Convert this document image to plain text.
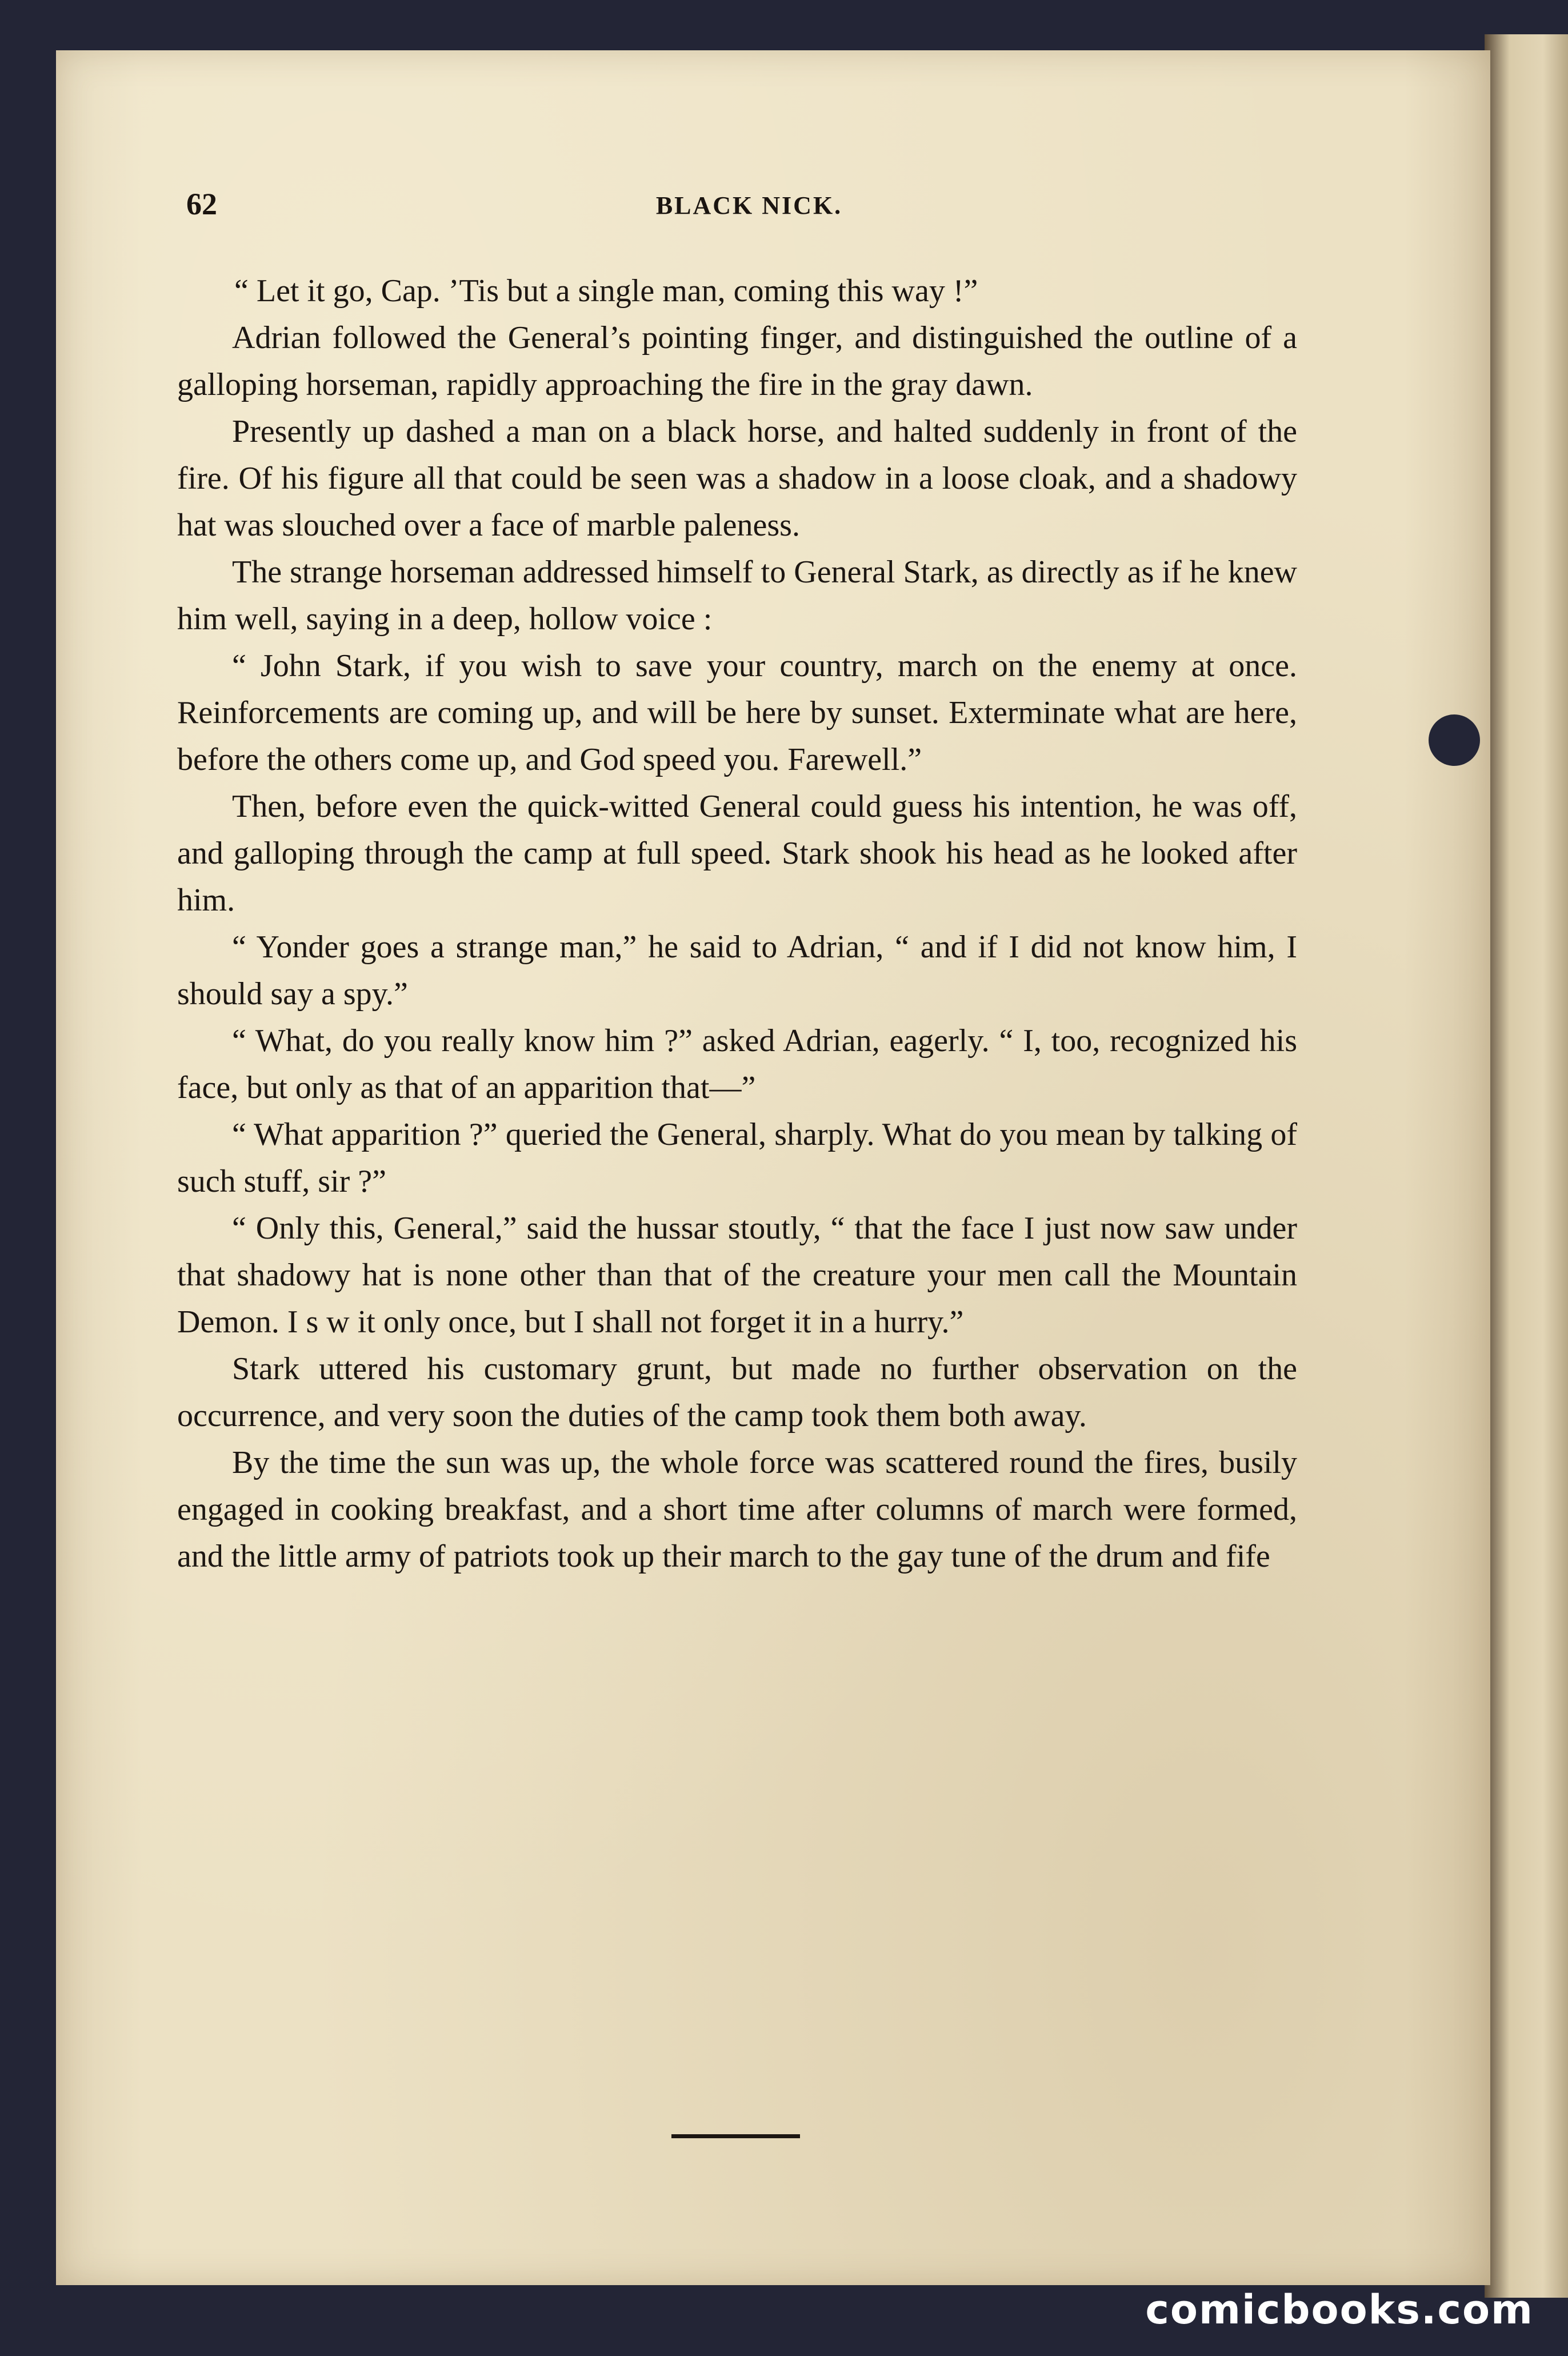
62	BLACK NICK.

“ Let it go, Cap. ’Tis but a single man, coming this way !”

Adrian followed the General’s pointing finger, and distinguished the outline of a galloping horseman, rapidly approaching the fire in the gray dawn.

Presently up dashed a man on a black horse, and halted suddenly in front of the fire. Of his figure all that could be seen was a shadow in a loose cloak, and a shadowy hat was slouched over a face of marble paleness.

The strange horseman addressed himself to General Stark, as directly as if he knew him well, saying in a deep, hollow voice :

“ John Stark, if you wish to save your country, march on the enemy at once. Reinforcements are coming up, and will be here by sunset. Exterminate what are here, before the others come up, and God speed you. Farewell.”

Then, before even the quick-witted General could guess his intention, he was off, and galloping through the camp at full speed. Stark shook his head as he looked after him.

“ Yonder goes a strange man,” he said to Adrian, “ and if I did not know him, I should say a spy.”

“ What, do you really know him ?” asked Adrian, eagerly. “ I, too, recognized his face, but only as that of an apparition that—”

“ What apparition ?” queried the General, sharply. What do you mean by talking of such stuff, sir ?”

“ Only this, General,” said the hussar stoutly, “ that the face I just now saw under that shadowy hat is none other than that of the creature your men call the Mountain Demon. I s w it only once, but I shall not forget it in a hurry.”

Stark uttered his customary grunt, but made no further observation on the occurrence, and very soon the duties of the camp took them both away.

By the time the sun was up, the whole force was scattered round the fires, busily engaged in cooking breakfast, and a short time after columns of march were formed, and the little army of patriots took up their march to the gay tune of the drum and fife

comicbooks.com
